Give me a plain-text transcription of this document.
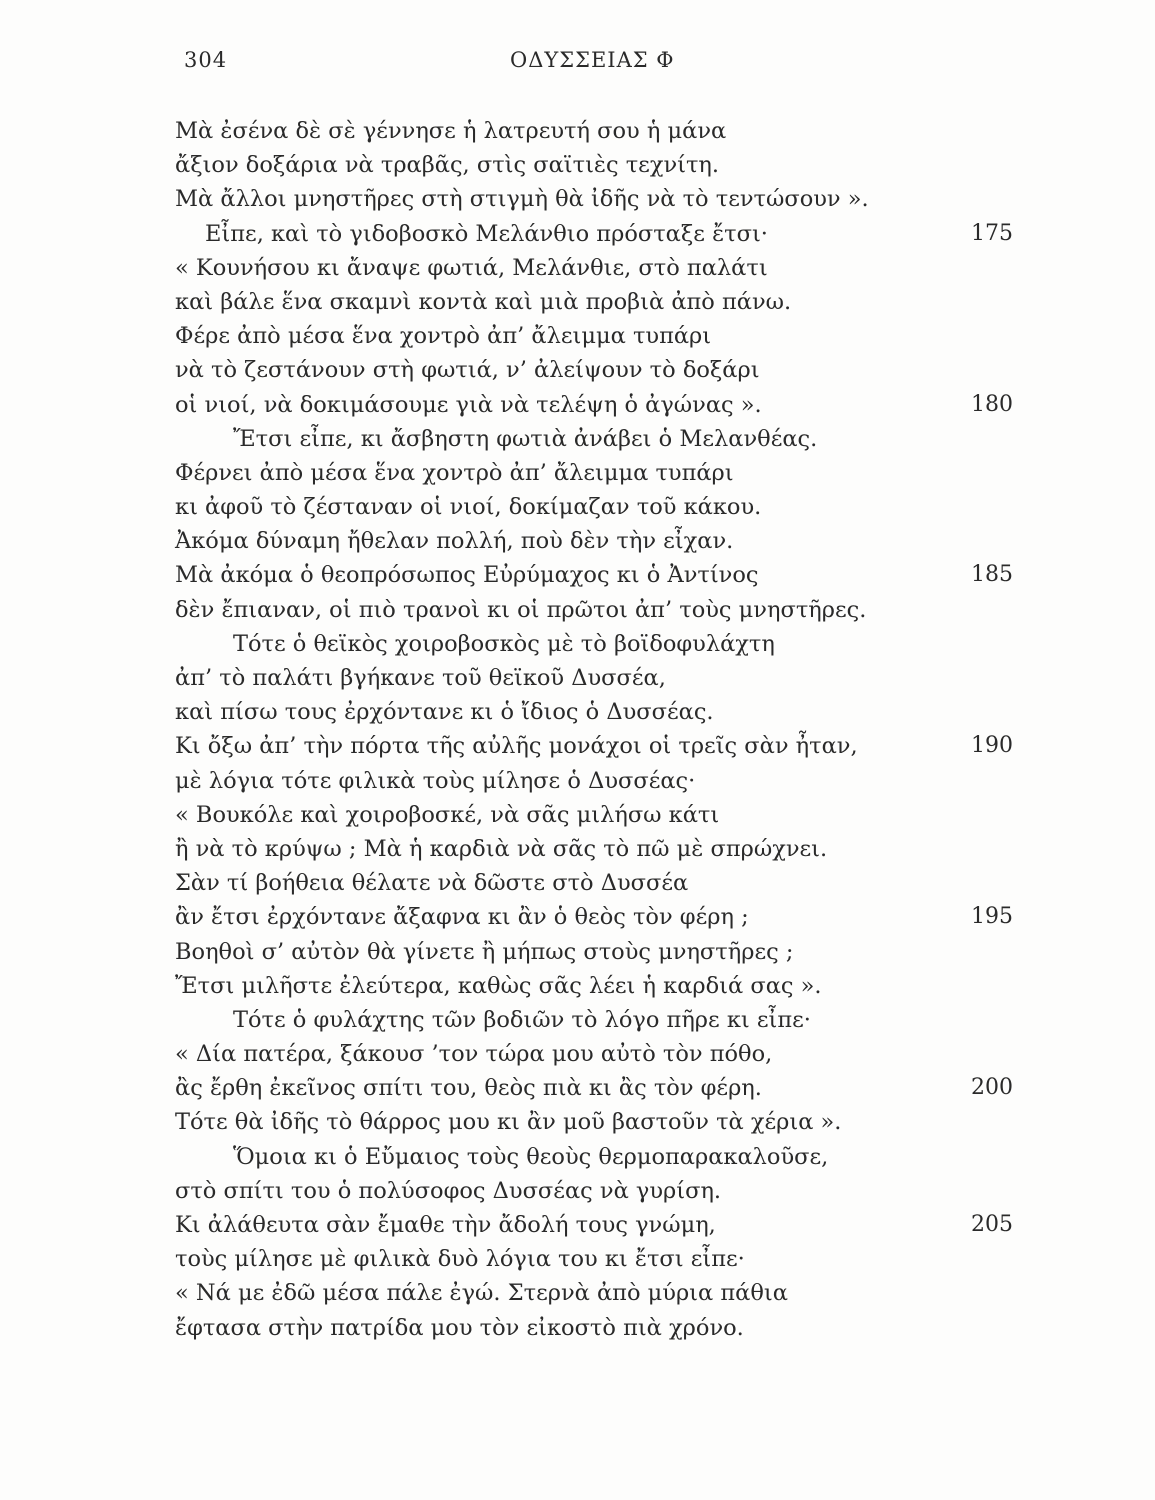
304	ΟΔΥΣΣΕΙΑΣ Φ
Μὰ ἐσένα δὲ σὲ γέννησε ἡ λατρευτή σου ἡ μάνα
ἄξιον δοξάρια νὰ τραβᾶς, στὶς σαϊτιὲς τεχνίτη.
Μὰ ἄλλοι μνηστῆρες στὴ στιγμὴ θὰ ἰδῆς νὰ τὸ τεντώσουν ».
Εἶπε, καὶ τὸ γιδοβοσκὸ Μελάνθιο πρόσταξε ἔτσι·	175
« Κουνήσου κι ἄναψε φωτιά, Μελάνθιε, στὸ παλάτι
καὶ βάλε ἕνα σκαμνὶ κοντὰ καὶ μιὰ προβιὰ ἀπὸ πάνω.
Φέρε ἀπὸ μέσα ἕνα χοντρὸ ἀπ’ ἄλειμμα τυπάρι
νὰ τὸ ζεστάνουν στὴ φωτιά, ν’ ἀλείψουν τὸ δοξάρι
οἱ νιοί, νὰ δοκιμάσουμε γιὰ νὰ τελέψη ὁ ἀγώνας ».	180
Ἔτσι εἶπε, κι ἄσβηστη φωτιὰ ἀνάβει ὁ Μελανθέας.
Φέρνει ἀπὸ μέσα ἕνα χοντρὸ ἀπ’ ἄλειμμα τυπάρι
κι ἀφοῦ τὸ ζέσταναν οἱ νιοί, δοκίμαζαν τοῦ κάκου.
Ἀκόμα δύναμη ἤθελαν πολλή, ποὺ δὲν τὴν εἶχαν.
Μὰ ἀκόμα ὁ θεοπρόσωπος Εὐρύμαχος κι ὁ Ἀντίνος	185
δὲν ἔπιαναν, οἱ πιὸ τρανοὶ κι οἱ πρῶτοι ἀπ’ τοὺς μνηστῆρες.
Τότε ὁ θεϊκὸς χοιροβοσκὸς μὲ τὸ βοϊδοφυλάχτη
ἀπ’ τὸ παλάτι βγήκανε τοῦ θεϊκοῦ Δυσσέα,
καὶ πίσω τους ἐρχόντανε κι ὁ ἴδιος ὁ Δυσσέας.
Κι ὄξω ἀπ’ τὴν πόρτα τῆς αὐλῆς μονάχοι οἱ τρεῖς σὰν ἦταν,	190
μὲ λόγια τότε φιλικὰ τοὺς μίλησε ὁ Δυσσέας·
« Βουκόλε καὶ χοιροβοσκέ, νὰ σᾶς μιλήσω κάτι
ἢ νὰ τὸ κρύψω ; Μὰ ἡ καρδιὰ νὰ σᾶς τὸ πῶ μὲ σπρώχνει.
Σὰν τί βοήθεια θέλατε νὰ δῶστε στὸ Δυσσέα
ἂν ἔτσι ἐρχόντανε ἄξαφνα κι ἂν ὁ θεὸς τὸν φέρη ;	195
Βοηθοὶ σ’ αὐτὸν θὰ γίνετε ἢ μήπως στοὺς μνηστῆρες ;
Ἔτσι μιλῆστε ἐλεύτερα, καθὼς σᾶς λέει ἡ καρδιά σας ».
Τότε ὁ φυλάχτης τῶν βοδιῶν τὸ λόγο πῆρε κι εἶπε·
« Δία πατέρα, ξάκουσ ’τον τώρα μου αὐτὸ τὸν πόθο,
ἂς ἔρθη ἐκεῖνος σπίτι του, θεὸς πιὰ κι ἂς τὸν φέρη.	200
Τότε θὰ ἰδῆς τὸ θάρρος μου κι ἂν μοῦ βαστοῦν τὰ χέρια ».
Ὅμοια κι ὁ Εὔμαιος τοὺς θεοὺς θερμοπαρακαλοῦσε,
στὸ σπίτι του ὁ πολύσοφος Δυσσέας νὰ γυρίση.
Κι ἀλάθευτα σὰν ἔμαθε τὴν ἄδολή τους γνώμη,	205
τοὺς μίλησε μὲ φιλικὰ δυὸ λόγια του κι ἔτσι εἶπε·
« Νά με ἐδῶ μέσα πάλε ἐγώ. Στερνὰ ἀπὸ μύρια πάθια
ἔφτασα στὴν πατρίδα μου τὸν εἰκοστὸ πιὰ χρόνο.
